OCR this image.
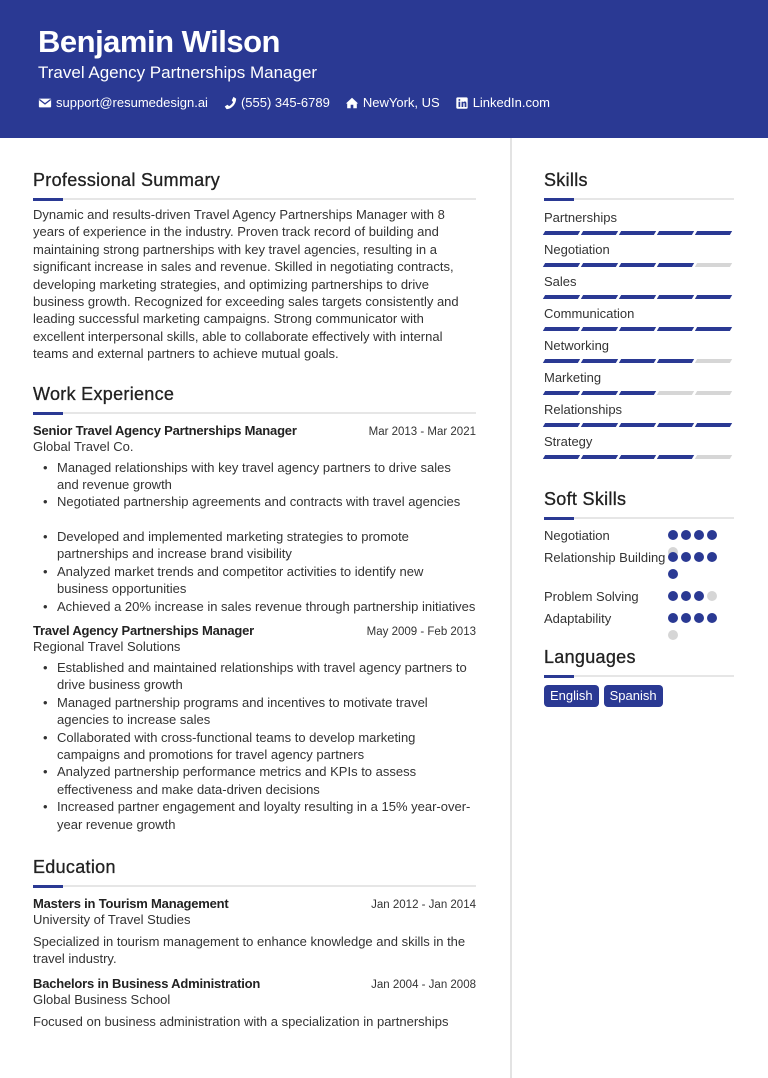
Benjamin Wilson
Travel Agency Partnerships Manager
support@resumedesign.ai	(555) 345-6789	NewYork, US	LinkedIn.com
Professional Summary

Dynamic and results-driven Travel Agency Partnerships Manager with 8 years of experience in the industry. Proven track record of building and maintaining strong partnerships with key travel agencies, resulting in a significant increase in sales and revenue. Skilled in negotiating contracts, developing marketing strategies, and optimizing partnerships to drive business growth. Recognized for exceeding sales targets consistently and leading successful marketing campaigns. Strong communicator with excellent interpersonal skills, able to collaborate effectively with internal teams and external partners to achieve mutual goals.

Work Experience
Senior Travel Agency Partnerships Manager	Mar 2013 - Mar 2021
Global Travel Co.
• Managed relationships with key travel agency partners to drive sales and revenue growth
• Negotiated partnership agreements and contracts with travel agencies
• Developed and implemented marketing strategies to promote partnerships and increase brand visibility
• Analyzed market trends and competitor activities to identify new business opportunities
• Achieved a 20% increase in sales revenue through partnership initiatives
Travel Agency Partnerships Manager	May 2009 - Feb 2013
Regional Travel Solutions
• Established and maintained relationships with travel agency partners to drive business growth
• Managed partnership programs and incentives to motivate travel agencies to increase sales
• Collaborated with cross-functional teams to develop marketing campaigns and promotions for travel agency partners
• Analyzed partnership performance metrics and KPIs to assess effectiveness and make data-driven decisions
• Increased partner engagement and loyalty resulting in a 15% year-over-year revenue growth
Education
Masters in Tourism Management	Jan 2012 - Jan 2014
University of Travel Studies

Specialized in tourism management to enhance knowledge and skills in the travel industry.

Bachelors in Business Administration	Jan 2004 - Jan 2008
Global Business School

Focused on business administration with a specialization in partnerships

Skills
Partnerships
Negotiation
Sales
Communication
Networking
Marketing
Relationships
Strategy
Soft Skills
Negotiation
Relationship Building
Problem Solving
Adaptability
Languages
English	Spanish
